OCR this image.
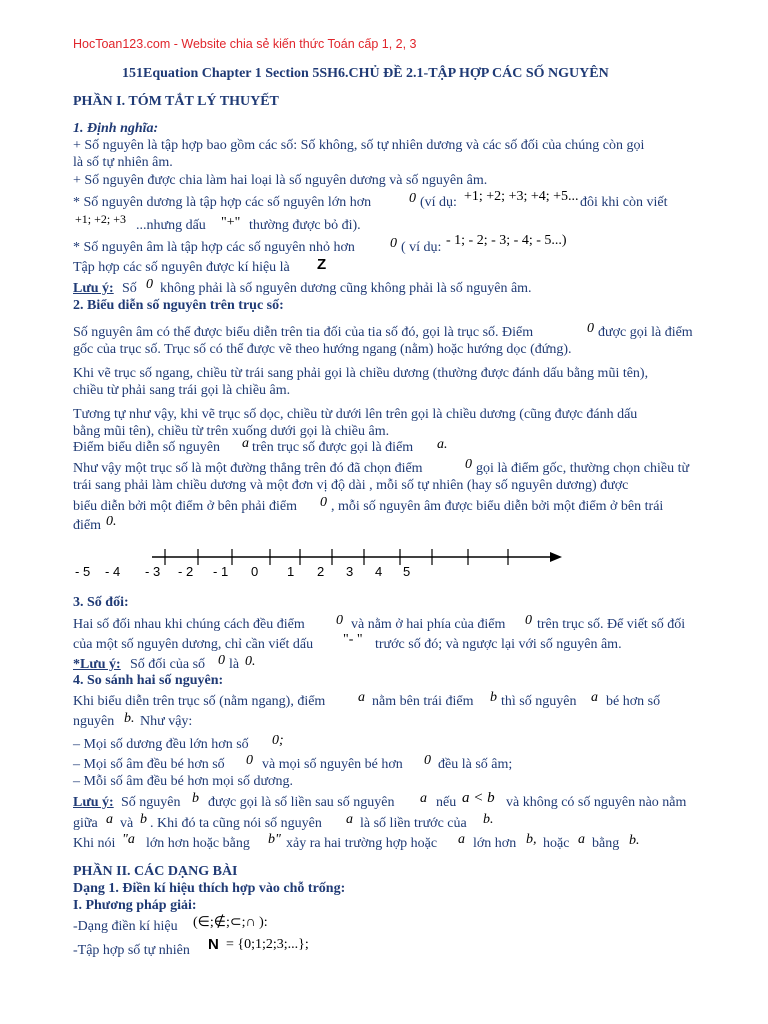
HocToan123.com - Website chia sẻ kiến thức Toán cấp 1, 2, 3
151Equation Chapter 1 Section 5SH6.CHỦ ĐỀ 2.1-TẬP HỢP CÁC SỐ NGUYÊN
PHẦN I. TÓM TẮT LÝ THUYẾT
1. Định nghĩa:
+ Số nguyên là tập hợp bao gồm các số: Số không, số tự nhiên dương và các số đối của chúng còn gọi
là số tự nhiên âm.
+ Số nguyên được chia làm hai loại là số nguyên dương và số nguyên âm.
* Số nguyên dương là tập hợp các số nguyên lớn hơn	0 (ví dụ: +1; +2; +3; +4; +5... đôi khi còn viết
+1; +2; +3 ...nhưng dấu "+" thường được bỏ đi).
* Số nguyên âm là tập hợp các số nguyên nhỏ hơn	0 ( ví dụ: - 1; - 2; - 3; - 4; - 5...)
Tập hợp các số nguyên được kí hiệu là Z
Lưu ý: Số 0 không phải là số nguyên dương cũng không phải là số nguyên âm.
2. Biểu diễn số nguyên trên trục số:
Số nguyên âm có thể được biểu diễn trên tia đối của tia số đó, gọi là trục số. Điểm	0 được gọi là điểm
gốc của trục số. Trục số có thể được vẽ theo hướng ngang (nằm) hoặc hướng dọc (đứng).
Khi vẽ trục số ngang, chiều từ trái sang phải gọi là chiều dương (thường được đánh dấu bằng mũi tên),
chiều từ phải sang trái gọi là chiều âm.
Tương tự như vậy, khi vẽ trục số dọc, chiều từ dưới lên trên gọi là chiều dương (cũng được đánh dấu
bằng mũi tên), chiều từ trên xuống dưới gọi là chiều âm.
Điểm biểu diễn số nguyên a trên trục số được gọi là điểm a.
Như vậy một trục số là một đường thẳng trên đó đã chọn điểm	0 gọi là điểm gốc, thường chọn chiều từ
trái sang phải làm chiều dương và một đơn vị độ dài , mỗi số tự nhiên (hay số nguyên dương) được
biểu diễn bởi một điểm ở bên phải điểm 0 , mỗi số nguyên âm được biểu diễn bởi một điểm ở bên trái
điểm 0.
- 5 - 4 - 3 - 2 - 1 0 1 2 3 4 5
3. Số đối:
Hai số đối nhau khi chúng cách đều điểm 0 và nằm ở hai phía của điểm 0 trên trục số. Để viết số đối
của một số nguyên dương, chỉ cần viết dấu "- " trước số đó; và ngược lại với số nguyên âm.
*Lưu ý: Số đối của số 0 là 0.
4. So sánh hai số nguyên:
Khi biểu diễn trên trục số (nằm ngang), điểm a nằm bên trái điểm b thì số nguyên a bé hơn số
nguyên b. Như vậy:
– Mọi số dương đều lớn hơn số 0;
– Mọi số âm đều bé hơn số 0 và mọi số nguyên bé hơn 0 đều là số âm;
– Mỗi số âm đều bé hơn mọi số dương.
Lưu ý: Số nguyên b được gọi là số liền sau số nguyên a nếu a < b và không có số nguyên nào nằm
giữa a và b . Khi đó ta cũng nói số nguyên a là số liền trước của b.
Khi nói "a lớn hơn hoặc bằng b" xảy ra hai trường hợp hoặc a lớn hơn b, hoặc a bằng b.
PHẦN II. CÁC DẠNG BÀI
Dạng 1. Điền kí hiệu thích hợp vào chỗ trống:
I. Phương pháp giải:
-Dạng điền kí hiệu (∈;∉;⊂;∩ ):
-Tập hợp số tự nhiên N = {0;1;2;3;...};
